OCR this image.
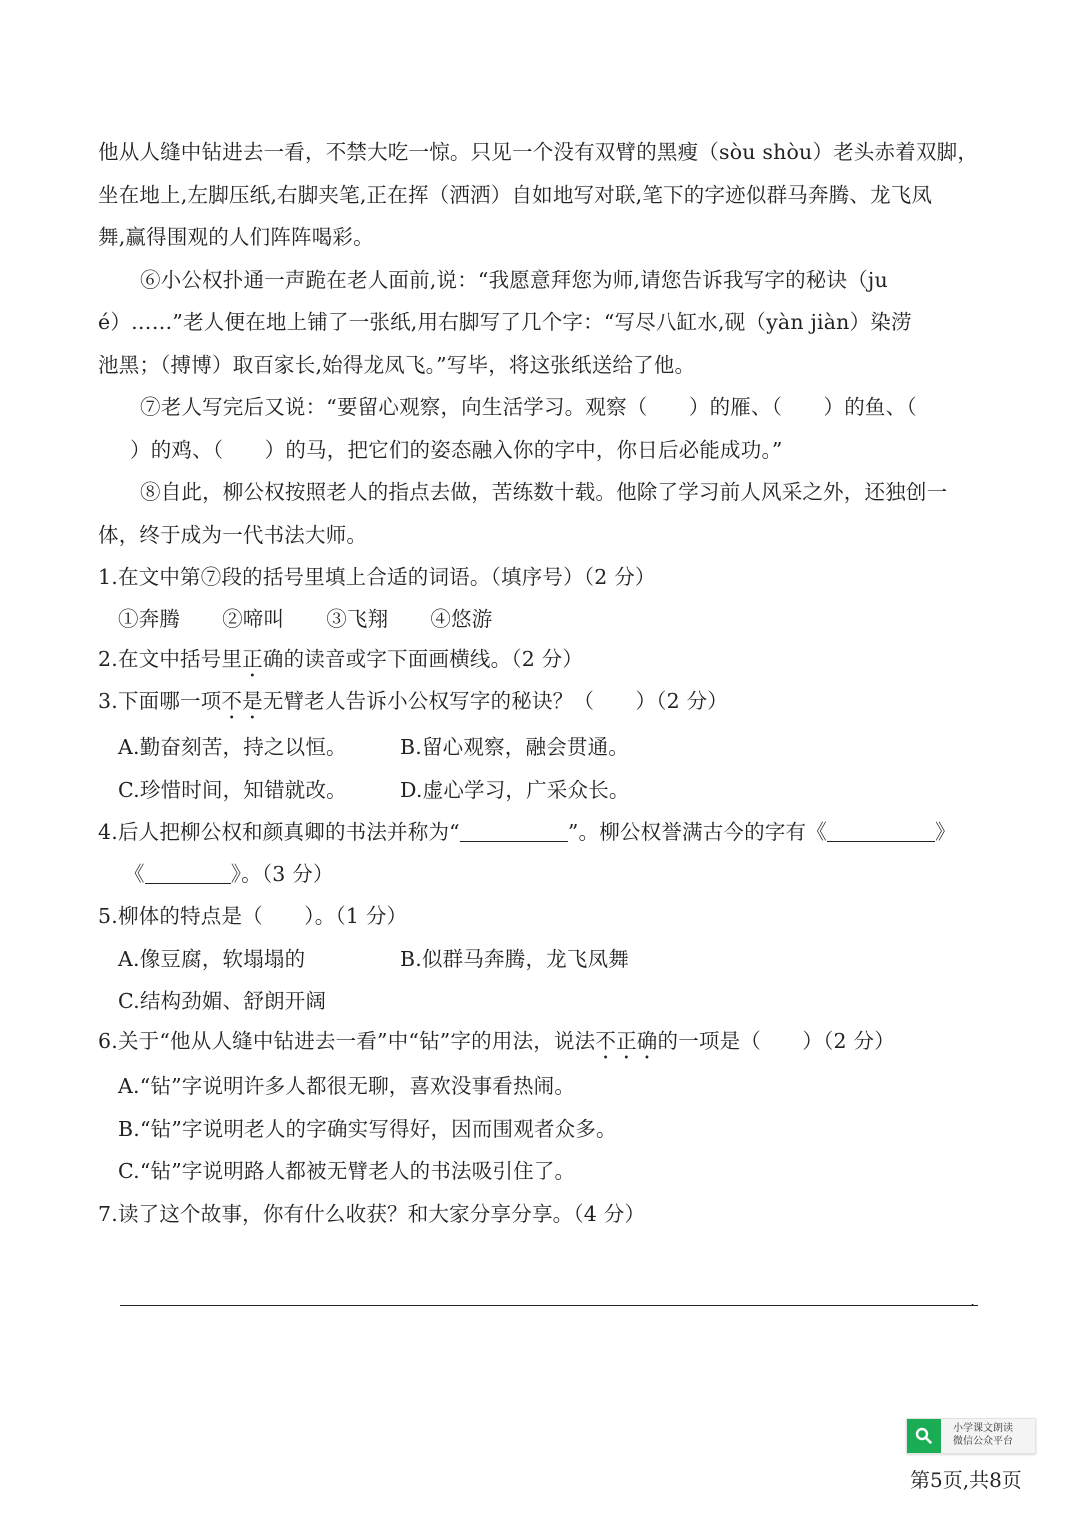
他从人缝中钻进去一看，不禁大吃一惊。只见一个没有双臂的黑瘦（sòu shòu）老头赤着双脚，
坐在地上,左脚压纸,右脚夹笔,正在挥（洒洒）自如地写对联,笔下的字迹似群马奔腾、龙飞凤
舞,赢得围观的人们阵阵喝彩。
⑥小公权扑通一声跪在老人面前,说：“我愿意拜您为师,请您告诉我写字的秘诀（ju
é）……”老人便在地上铺了一张纸,用右脚写了几个字：“写尽八缸水,砚（yàn jiàn）染涝
池黑；（搏博）取百家长,始得龙凤飞。”写毕，将这张纸送给了他。
⑦老人写完后又说：“要留心观察，向生活学习。观察（　　）的雁、（　　）的鱼、（
）的鸡、（　　）的马，把它们的姿态融入你的字中，你日后必能成功。”
⑧自此，柳公权按照老人的指点去做，苦练数十载。他除了学习前人风采之外，还独创一
体，终于成为一代书法大师。
1.在文中第⑦段的括号里填上合适的词语。（填序号）（2 分）
①奔腾 ②啼叫 ③飞翔 ④悠游
2.在文中括号里正确的读音或字下面画横线。（2 分）
3.下面哪一项不是无臂老人告诉小公权写字的秘诀？（　　）（2 分）
A.勤奋刻苦，持之以恒。	B.留心观察，融会贯通。
C.珍惜时间，知错就改。	D.虚心学习，广采众长。
4.后人把柳公权和颜真卿的书法并称为“	”。柳公权誉满古今的字有《	》
《	》。（3 分）
5.柳体的特点是（　　）。（1 分）
A.像豆腐，软塌塌的	B.似群马奔腾，龙飞凤舞
C.结构劲媚、舒朗开阔
6.关于“他从人缝中钻进去一看”中“钻”字的用法，说法不正确的一项是（　　）（2 分）
A.“钻”字说明许多人都很无聊，喜欢没事看热闹。
B.“钻”字说明老人的字确实写得好，因而围观者众多。
C.“钻”字说明路人都被无臂老人的书法吸引住了。
7.读了这个故事，你有什么收获？和大家分享分享。（4 分）
.
小学课文朗读
微信公众平台
第5页,共8页
